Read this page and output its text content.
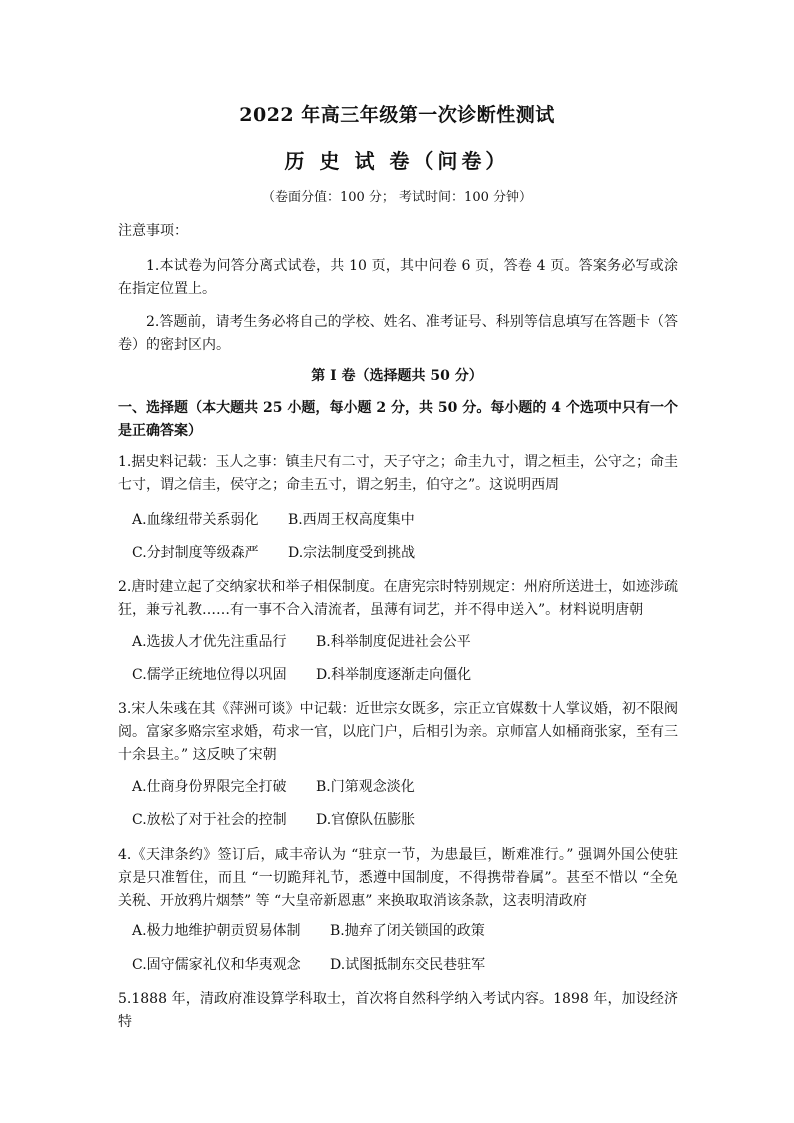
2022 年高三年级第一次诊断性测试
历 史 试 卷（问卷）
（卷面分值：100 分； 考试时间：100 分钟）
注意事项：
1.本试卷为问答分离式试卷，共 10 页，其中问卷 6 页，答卷 4 页。答案务必写或涂在指定位置上。
2.答题前，请考生务必将自己的学校、姓名、准考证号、科别等信息填写在答题卡（答卷）的密封区内。
第 I 卷（选择题共 50 分）
一、选择题（本大题共 25 小题，每小题 2 分，共 50 分。每小题的 4 个选项中只有一个是正确答案）
1.据史料记载：玉人之事：镇圭尺有二寸，天子守之；命圭九寸，谓之桓圭，公守之；命圭七寸，谓之信圭，侯守之；命圭五寸，谓之躬圭，伯守之”。这说明西周
A.血缘纽带关系弱化 B.西周王权高度集中
C.分封制度等级森严 D.宗法制度受到挑战
2.唐时建立起了交纳家状和举子相保制度。在唐宪宗时特别规定：州府所送进士，如迹涉疏狂，兼亏礼教……有一事不合入清流者，虽薄有词艺，并不得申送入”。材料说明唐朝
A.选拔人才优先注重品行 B.科举制度促进社会公平
C.儒学正统地位得以巩固 D.科举制度逐渐走向僵化
3.宋人朱彧在其《萍洲可谈》中记载：近世宗女既多，宗正立官媒数十人掌议婚，初不限阀阅。富家多赂宗室求婚，苟求一官，以庇门户，后相引为亲。京师富人如桶商张家，至有三十余县主。” 这反映了宋朝
A.仕商身份界限完全打破 B.门第观念淡化
C.放松了对于社会的控制 D.官僚队伍膨胀
4.《天津条约》签订后，咸丰帝认为 “驻京一节，为患最巨，断难准行。” 强调外国公使驻京是只准暂住，而且 “一切跪拜礼节，悉遵中国制度，不得携带眷属”。甚至不惜以 “全免关税、开放鸦片烟禁” 等 “大皇帝新恩惠” 来换取取消该条款，这表明清政府
A.极力地维护朝贡贸易体制 B.抛弃了闭关锁国的政策
C.固守儒家礼仪和华夷观念 D.试图抵制东交民巷驻军
5.1888 年，清政府准设算学科取士，首次将自然科学纳入考试内容。1898 年，加设经济特
